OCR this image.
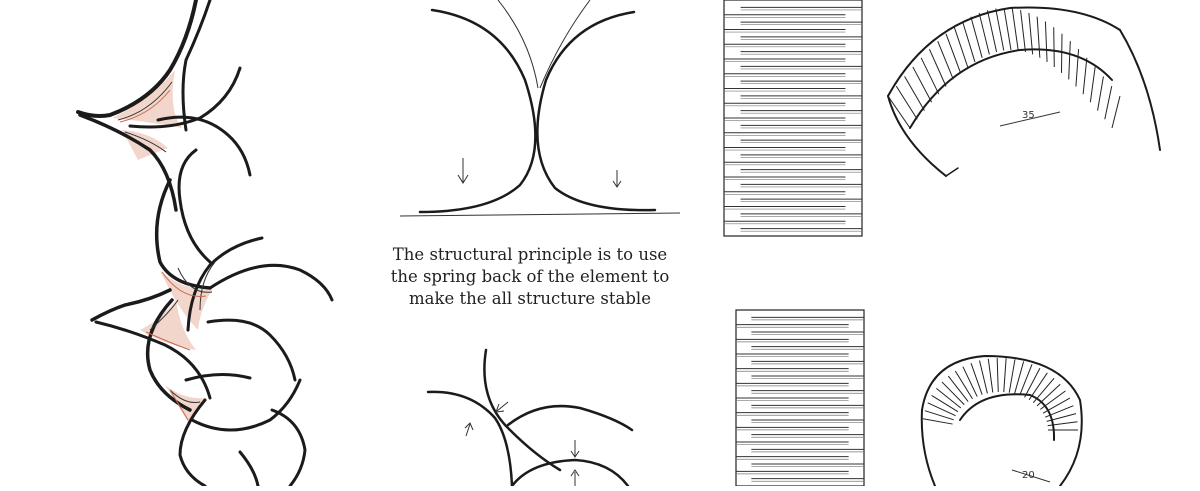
35
20
The structural principle is to use
the spring back of the element to
make the all structure stable
